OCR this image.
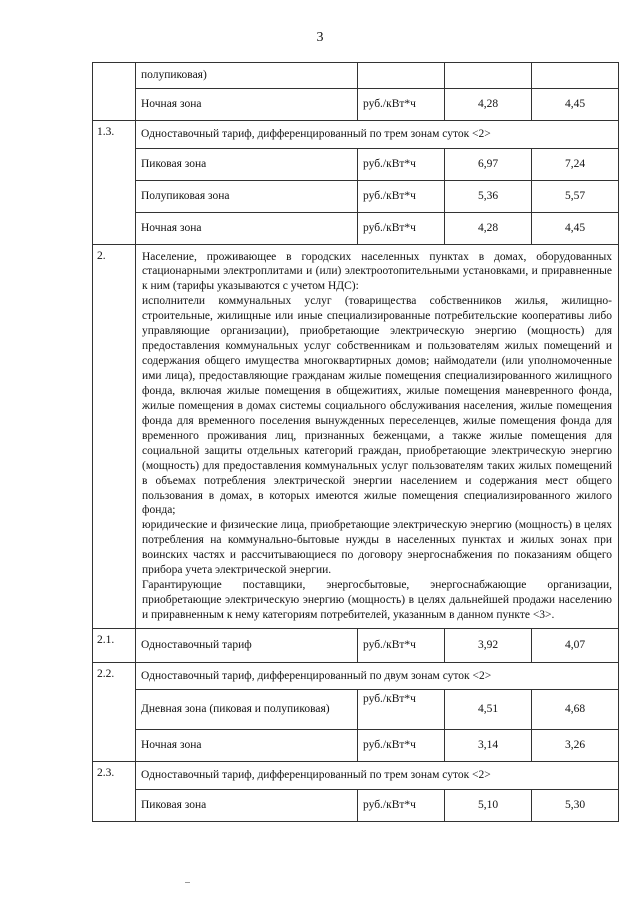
3
	полупиковая)			
	Ночная зона	руб./кВт*ч	4,28	4,45
1.3.	Одноставочный тариф, дифференцированный по трем зонам суток <2>			
	Пиковая зона	руб./кВт*ч	6,97	7,24
	Полупиковая зона	руб./кВт*ч	5,36	5,57
	Ночная зона	руб./кВт*ч	4,28	4,45
2.	Население, проживающее в городских населенных пунктах в домах, оборудованных стационарными электроплитами и (или) электроотопительными установками, и приравненные к ним (тарифы указываются с учетом НДС):

исполнители коммунальных услуг (товарищества собственников жилья, жилищно-строительные, жилищные или иные специализированные потребительские кооперативы либо управляющие организации), приобретающие электрическую энергию (мощность) для предоставления коммунальных услуг собственникам и пользователям жилых помещений и содержания общего имущества многоквартирных домов; наймодатели (или уполномоченные ими лица), предоставляющие гражданам жилые помещения специализированного жилищного фонда, включая жилые помещения в общежитиях, жилые помещения маневренного фонда, жилые помещения в домах системы социального обслуживания населения, жилые помещения фонда для временного поселения вынужденных переселенцев, жилые помещения фонда для временного проживания лиц, признанных беженцами, а также жилые помещения для социальной защиты отдельных категорий граждан, приобретающие электрическую энергию (мощность) для предоставления коммунальных услуг пользователям таких жилых помещений в объемах потребления электрической энергии населением и содержания мест общего пользования в домах, в которых имеются жилые помещения специализированного жилого фонда;

юридические и физические лица, приобретающие электрическую энергию (мощность) в целях потребления на коммунально-бытовые нужды в населенных пунктах и жилых зонах при воинских частях и рассчитывающиеся по договору энергоснабжения по показаниям общего прибора учета электрической энергии.

Гарантирующие поставщики, энергосбытовые, энергоснабжающие организации, приобретающие электрическую энергию (мощность) в целях дальнейшей продажи населению и приравненным к нему категориям потребителей, указанным в данном пункте <3>.			

2.1.	Одноставочный тариф	руб./кВт*ч	3,92	4,07
2.2.	Одноставочный тариф, дифференцированный по двум зонам суток <2>			
	Дневная зона (пиковая и полупиковая)	руб./кВт*ч	4,51	4,68
	Ночная зона	руб./кВт*ч	3,14	3,26
2.3.	Одноставочный тариф, дифференцированный по трем зонам суток <2>			
	Пиковая зона	руб./кВт*ч	5,10	5,30
